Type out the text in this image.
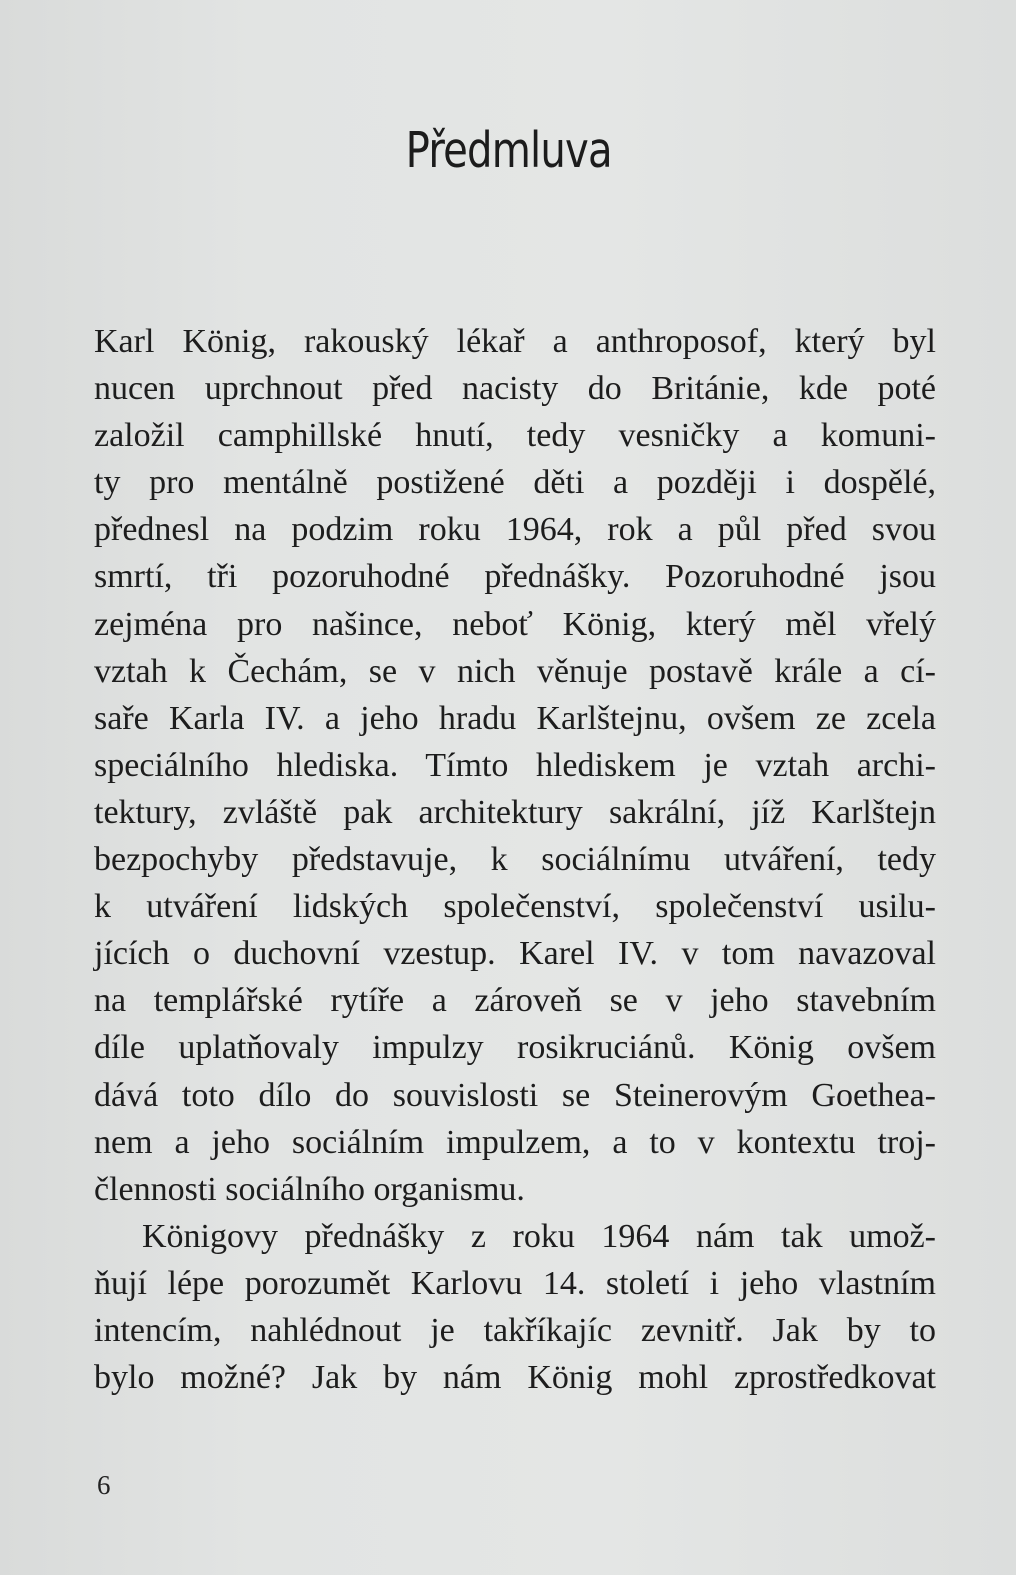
Předmluva
Karl König, rakouský lékař a anthroposof, který byl
nucen uprchnout před nacisty do Británie, kde poté
založil camphillské hnutí, tedy vesničky a komuni-
ty pro mentálně postižené děti a později i dospělé,
přednesl na podzim roku 1964, rok a půl před svou
smrtí, tři pozoruhodné přednášky. Pozoruhodné jsou
zejména pro našince, neboť König, který měl vřelý
vztah k Čechám, se v nich věnuje postavě krále a cí-
saře Karla IV. a jeho hradu Karlštejnu, ovšem ze zcela
speciálního hlediska. Tímto hlediskem je vztah archi-
tektury, zvláště pak architektury sakrální, jíž Karlštejn
bezpochyby představuje, k sociálnímu utváření, tedy
k utváření lidských společenství, společenství usilu-
jících o duchovní vzestup. Karel IV. v tom navazoval
na templářské rytíře a zároveň se v jeho stavebním
díle uplatňovaly impulzy rosikruciánů. König ovšem
dává toto dílo do souvislosti se Steinerovým Goethea-
nem a jeho sociálním impulzem, a to v kontextu troj-
člennosti sociálního organismu.
Königovy přednášky z roku 1964 nám tak umož-
ňují lépe porozumět Karlovu 14. století i jeho vlastním
intencím, nahlédnout je takříkajíc zevnitř. Jak by to
bylo možné? Jak by nám König mohl zprostředkovat

6
